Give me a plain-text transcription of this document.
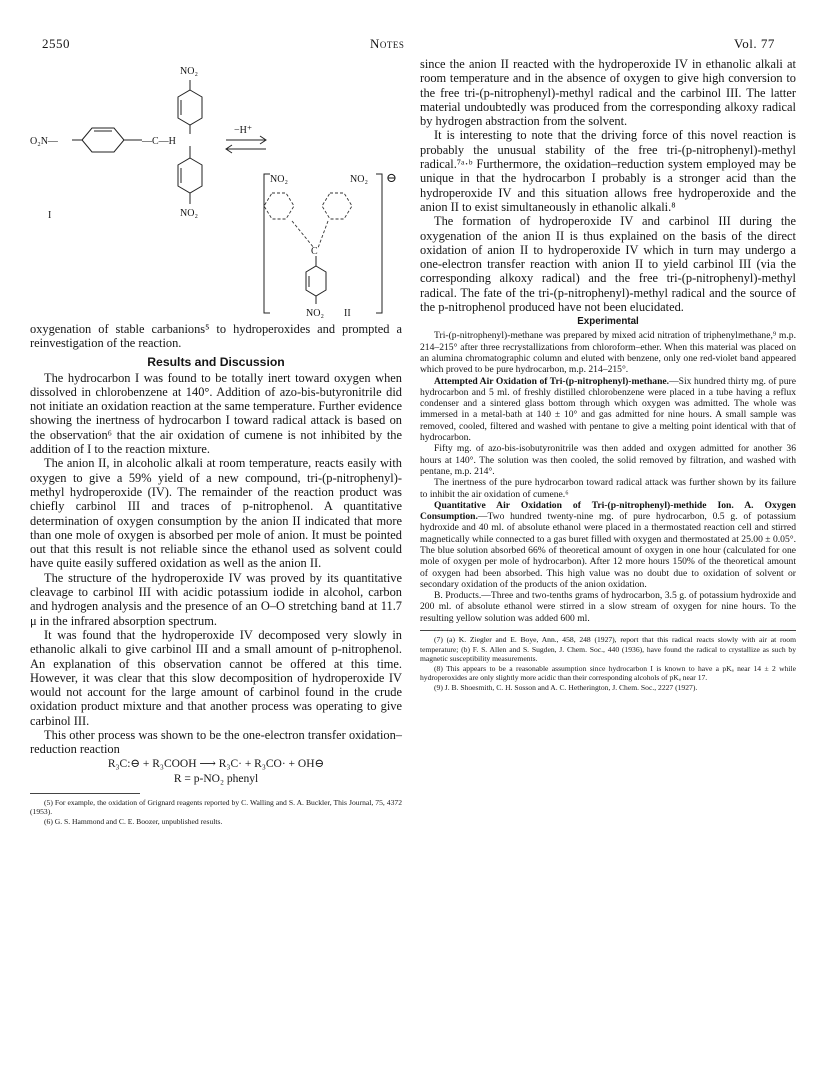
2550	Notes	Vol. 77
NO₂
O₂N—	—C—H
−H⁺
NO₂
I
NO₂	NO₂ ⊖
C
NO₂ II

oxygenation of stable carbanions⁵ to hydroperoxides and prompted a reinvestigation of the reaction.

Results and Discussion

The hydrocarbon I was found to be totally inert toward oxygen when dissolved in chlorobenzene at 140°. Addition of azo-bis-butyronitrile did not initiate an oxidation reaction at the same temperature. Further evidence showing the inertness of hydrocarbon I toward radical attack is based on the observation⁶ that the air oxidation of cumene is not inhibited by the addition of I to the reaction mixture.

The anion II, in alcoholic alkali at room temperature, reacts easily with oxygen to give a 59% yield of a new compound, tri-(p-nitrophenyl)-methyl hydroperoxide (IV). The remainder of the reaction product was chiefly carbinol III and traces of p-nitrophenol. A quantitative determination of oxygen consumption by the anion II indicated that more than one mole of oxygen is absorbed per mole of anion. It must be pointed out that this result is not reliable since the ethanol used as solvent could have quite easily suffered oxidation as well as the anion II.

The structure of the hydroperoxide IV was proved by its quantitative cleavage to carbinol III with acidic potassium iodide in alcohol, carbon and hydrogen analysis and the presence of an O–O stretching band at 11.7 μ in the infrared absorption spectrum.

It was found that the hydroperoxide IV decomposed very slowly in ethanolic alkali to give carbinol III and a small amount of p-nitrophenol. An explanation of this observation cannot be offered at this time. However, it was clear that this slow decomposition of hydroperoxide IV would not account for the large amount of carbinol found in the crude oxidation product mixture and that another process was operating to give carbinol III.

This other process was shown to be the one-electron transfer oxidation–reduction reaction

R₃C:⊖ + R₃COOH ⟶ R₃C· + R₃CO· + OH⊖
R = p-NO₂ phenyl

(5) For example, the oxidation of Grignard reagents reported by C. Walling and S. A. Buckler, This Journal, 75, 4372 (1953).

(6) G. S. Hammond and C. E. Boozer, unpublished results.

since the anion II reacted with the hydroperoxide IV in ethanolic alkali at room temperature and in the absence of oxygen to give high conversion to the free tri-(p-nitrophenyl)-methyl radical and the carbinol III. The latter material undoubtedly was produced from the corresponding alkoxy radical by hydrogen abstraction from the solvent.

It is interesting to note that the driving force of this novel reaction is probably the unusual stability of the free tri-(p-nitrophenyl)-methyl radical.⁷ᵃ·ᵇ Furthermore, the oxidation–reduction system employed may be unique in that the hydrocarbon I probably is a stronger acid than the hydroperoxide IV and this situation allows free hydroperoxide and the anion II to exist simultaneously in ethanolic alkali.⁸

The formation of hydroperoxide IV and carbinol III during the oxygenation of the anion II is thus explained on the basis of the direct oxidation of anion II to hydroperoxide IV which in turn may undergo a one-electron transfer reaction with anion II to yield carbinol III (via the corresponding alkoxy radical) and the free tri-(p-nitrophenyl)-methyl radical. The fate of the tri-(p-nitrophenyl)-methyl radical and the source of the p-nitrophenol produced have not been elucidated.

Experimental

Tri-(p-nitrophenyl)-methane was prepared by mixed acid nitration of triphenylmethane,⁹ m.p. 214–215° after three recrystallizations from chloroform–ether. When this material was placed on an alumina chromatographic column and eluted with benzene, only one red-violet band appeared which proved to be pure hydrocarbon, m.p. 214–215°.

Attempted Air Oxidation of Tri-(p-nitrophenyl)-methane.—Six hundred thirty mg. of pure hydrocarbon and 5 ml. of freshly distilled chlorobenzene were placed in a tube having a reflux condenser and a sintered glass bottom through which oxygen was admitted. The whole was immersed in a metal-bath at 140 ± 10° and gas admitted for nine hours. A small sample was removed, cooled, filtered and washed with pentane to give a melting point identical with that of hydrocarbon.

Fifty mg. of azo-bis-isobutyronitrile was then added and oxygen admitted for another 36 hours at 140°. The solution was then cooled, the solid removed by filtration, and washed with pentane, m.p. 214°.

The inertness of the pure hydrocarbon toward radical attack was further shown by its failure to inhibit the air oxidation of cumene.⁶

Quantitative Air Oxidation of Tri-(p-nitrophenyl)-methide Ion. A. Oxygen Consumption.—Two hundred twenty-nine mg. of pure hydrocarbon, 0.5 g. of potassium hydroxide and 40 ml. of absolute ethanol were placed in a thermostated reaction cell and stirred magnetically while connected to a gas buret filled with oxygen and thermostated at 25.00 ± 0.05°. The blue solution absorbed 66% of theoretical amount of oxygen in one hour (calculated for one mole of oxygen per mole of hydrocarbon). After 12 more hours 150% of the theoretical amount of oxygen had been absorbed. This high value was no doubt due to oxidation of solvent or secondary oxidation of the products of the anion oxidation.

B. Products.—Three and two-tenths grams of hydrocarbon, 3.5 g. of potassium hydroxide and 200 ml. of absolute ethanol were stirred in a slow stream of oxygen for nine hours. To the resulting yellow solution was added 600 ml.

(7) (a) K. Ziegler and E. Boye, Ann., 458, 248 (1927), report that this radical reacts slowly with air at room temperature; (b) F. S. Allen and S. Sugden, J. Chem. Soc., 440 (1936), have found the radical to crystallize as such by magnetic susceptibility measurements.

(8) This appears to be a reasonable assumption since hydrocarbon I is known to have a pKₐ near 14 ± 2 while hydroperoxides are only slightly more acidic than their corresponding alcohols of pKₐ near 17.

(9) J. B. Shoesmith, C. H. Sosson and A. C. Hetherington, J. Chem. Soc., 2227 (1927).
